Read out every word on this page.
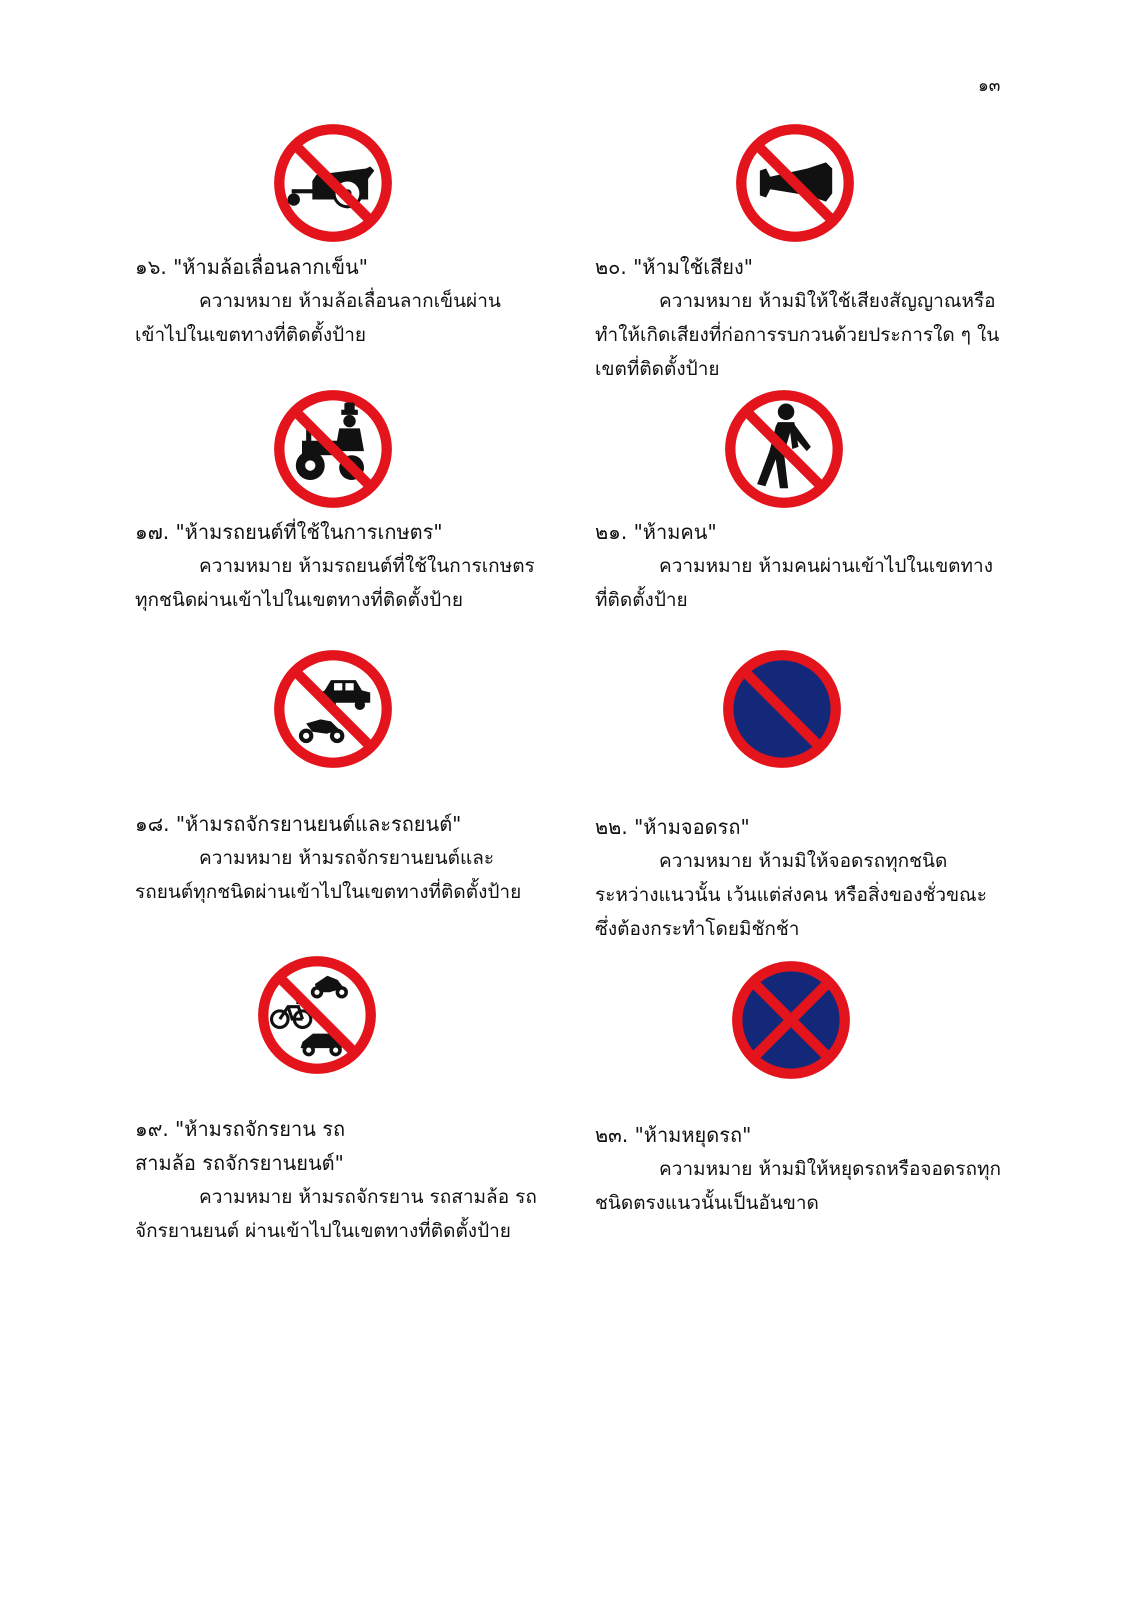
๑๓
๑๖. "ห้ามล้อเลื่อนลากเข็น"

ความหมาย ห้ามล้อเลื่อนลากเข็นผ่านเข้าไปในเขตทางที่ติดตั้งป้าย

๑๗. "ห้ามรถยนต์ที่ใช้ในการเกษตร"

ความหมาย ห้ามรถยนต์ที่ใช้ในการเกษตรทุกชนิดผ่านเข้าไปในเขตทางที่ติดตั้งป้าย

๑๘. "ห้ามรถจักรยานยนต์และรถยนต์"

ความหมาย ห้ามรถจักรยานยนต์และรถยนต์ทุกชนิดผ่านเข้าไปในเขตทางที่ติดตั้งป้าย

๑๙. "ห้ามรถจักรยาน รถสามล้อ รถจักรยานยนต์"

ความหมาย ห้ามรถจักรยาน รถสามล้อ รถจักรยานยนต์ ผ่านเข้าไปในเขตทางที่ติดตั้งป้าย

๒๐. "ห้ามใช้เสียง"

ความหมาย ห้ามมิให้ใช้เสียงสัญญาณหรือทำให้เกิดเสียงที่ก่อการรบกวนด้วยประการใด ๆ ในเขตที่ติดตั้งป้าย

๒๑. "ห้ามคน"

ความหมาย ห้ามคนผ่านเข้าไปในเขตทางที่ติดตั้งป้าย

๒๒. "ห้ามจอดรถ"

ความหมาย ห้ามมิให้จอดรถทุกชนิดระหว่างแนวนั้น เว้นแต่ส่งคน หรือสิ่งของชั่วขณะซึ่งต้องกระทำโดยมิชักช้า

๒๓. "ห้ามหยุดรถ"

ความหมาย ห้ามมิให้หยุดรถหรือจอดรถทุกชนิดตรงแนวนั้นเป็นอันขาด
